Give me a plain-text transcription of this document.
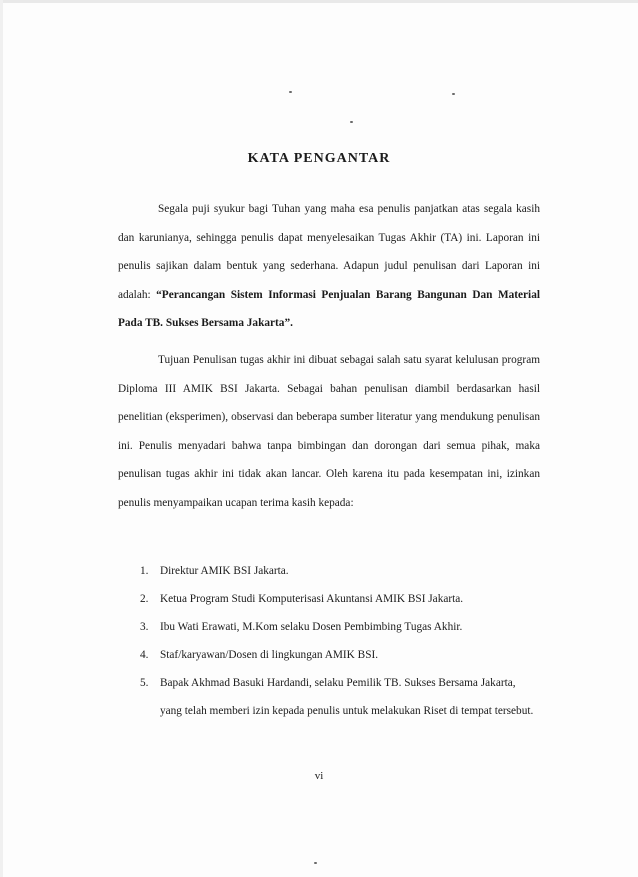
KATA PENGANTAR

Segala puji syukur bagi Tuhan yang maha esa penulis panjatkan atas segala kasih dan karunianya, sehingga penulis dapat menyelesaikan Tugas Akhir (TA) ini. Laporan ini penulis sajikan dalam bentuk yang sederhana. Adapun judul penulisan dari Laporan ini adalah: “Perancangan Sistem Informasi Penjualan Barang Bangunan Dan Material Pada TB. Sukses Bersama Jakarta”.

Tujuan Penulisan tugas akhir ini dibuat sebagai salah satu syarat kelulusan program Diploma III AMIK BSI Jakarta. Sebagai bahan penulisan diambil berdasarkan hasil penelitian (eksperimen), observasi dan beberapa sumber literatur yang mendukung penulisan ini. Penulis menyadari bahwa tanpa bimbingan dan dorongan dari semua pihak, maka penulisan tugas akhir ini tidak akan lancar. Oleh karena itu pada kesempatan ini, izinkan penulis menyampaikan ucapan terima kasih kepada:

1. Direktur AMIK BSI Jakarta.
2. Ketua Program Studi Komputerisasi Akuntansi AMIK BSI Jakarta.
3. Ibu Wati Erawati, M.Kom selaku Dosen Pembimbing Tugas Akhir.
4. Staf/karyawan/Dosen di lingkungan AMIK BSI.
5. Bapak Akhmad Basuki Hardandi, selaku Pemilik TB. Sukses Bersama Jakarta, yang telah memberi izin kepada penulis untuk melakukan Riset di tempat tersebut.

vi
